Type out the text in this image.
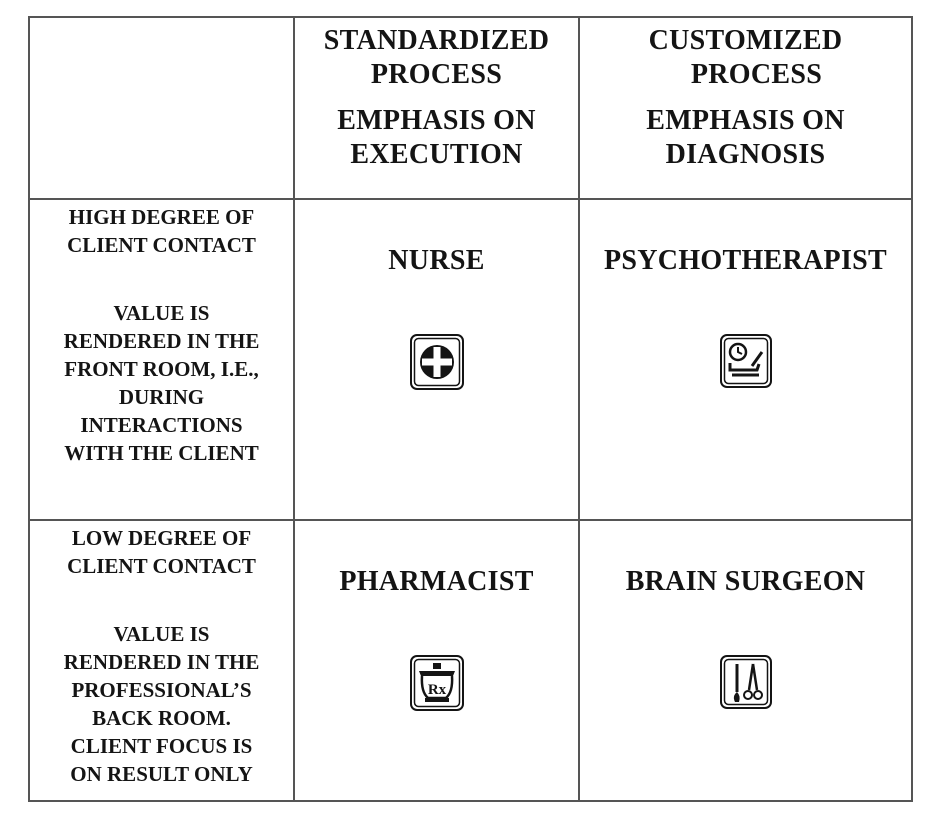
STANDARDIZED
PROCESS
EMPHASIS ON
EXECUTION
CUSTOMIZED
PROCESS
EMPHASIS ON
DIAGNOSIS
HIGH DEGREE OF
CLIENT CONTACT
VALUE IS
RENDERED IN THE
FRONT ROOM, I.E.,
DURING
INTERACTIONS
WITH THE CLIENT
NURSE	PSYCHOTHERAPIST
LOW DEGREE OF
CLIENT CONTACT
VALUE IS
RENDERED IN THE
PROFESSIONAL’S
BACK ROOM.
CLIENT FOCUS IS
ON RESULT ONLY
PHARMACIST
Rx
BRAIN SURGEON
